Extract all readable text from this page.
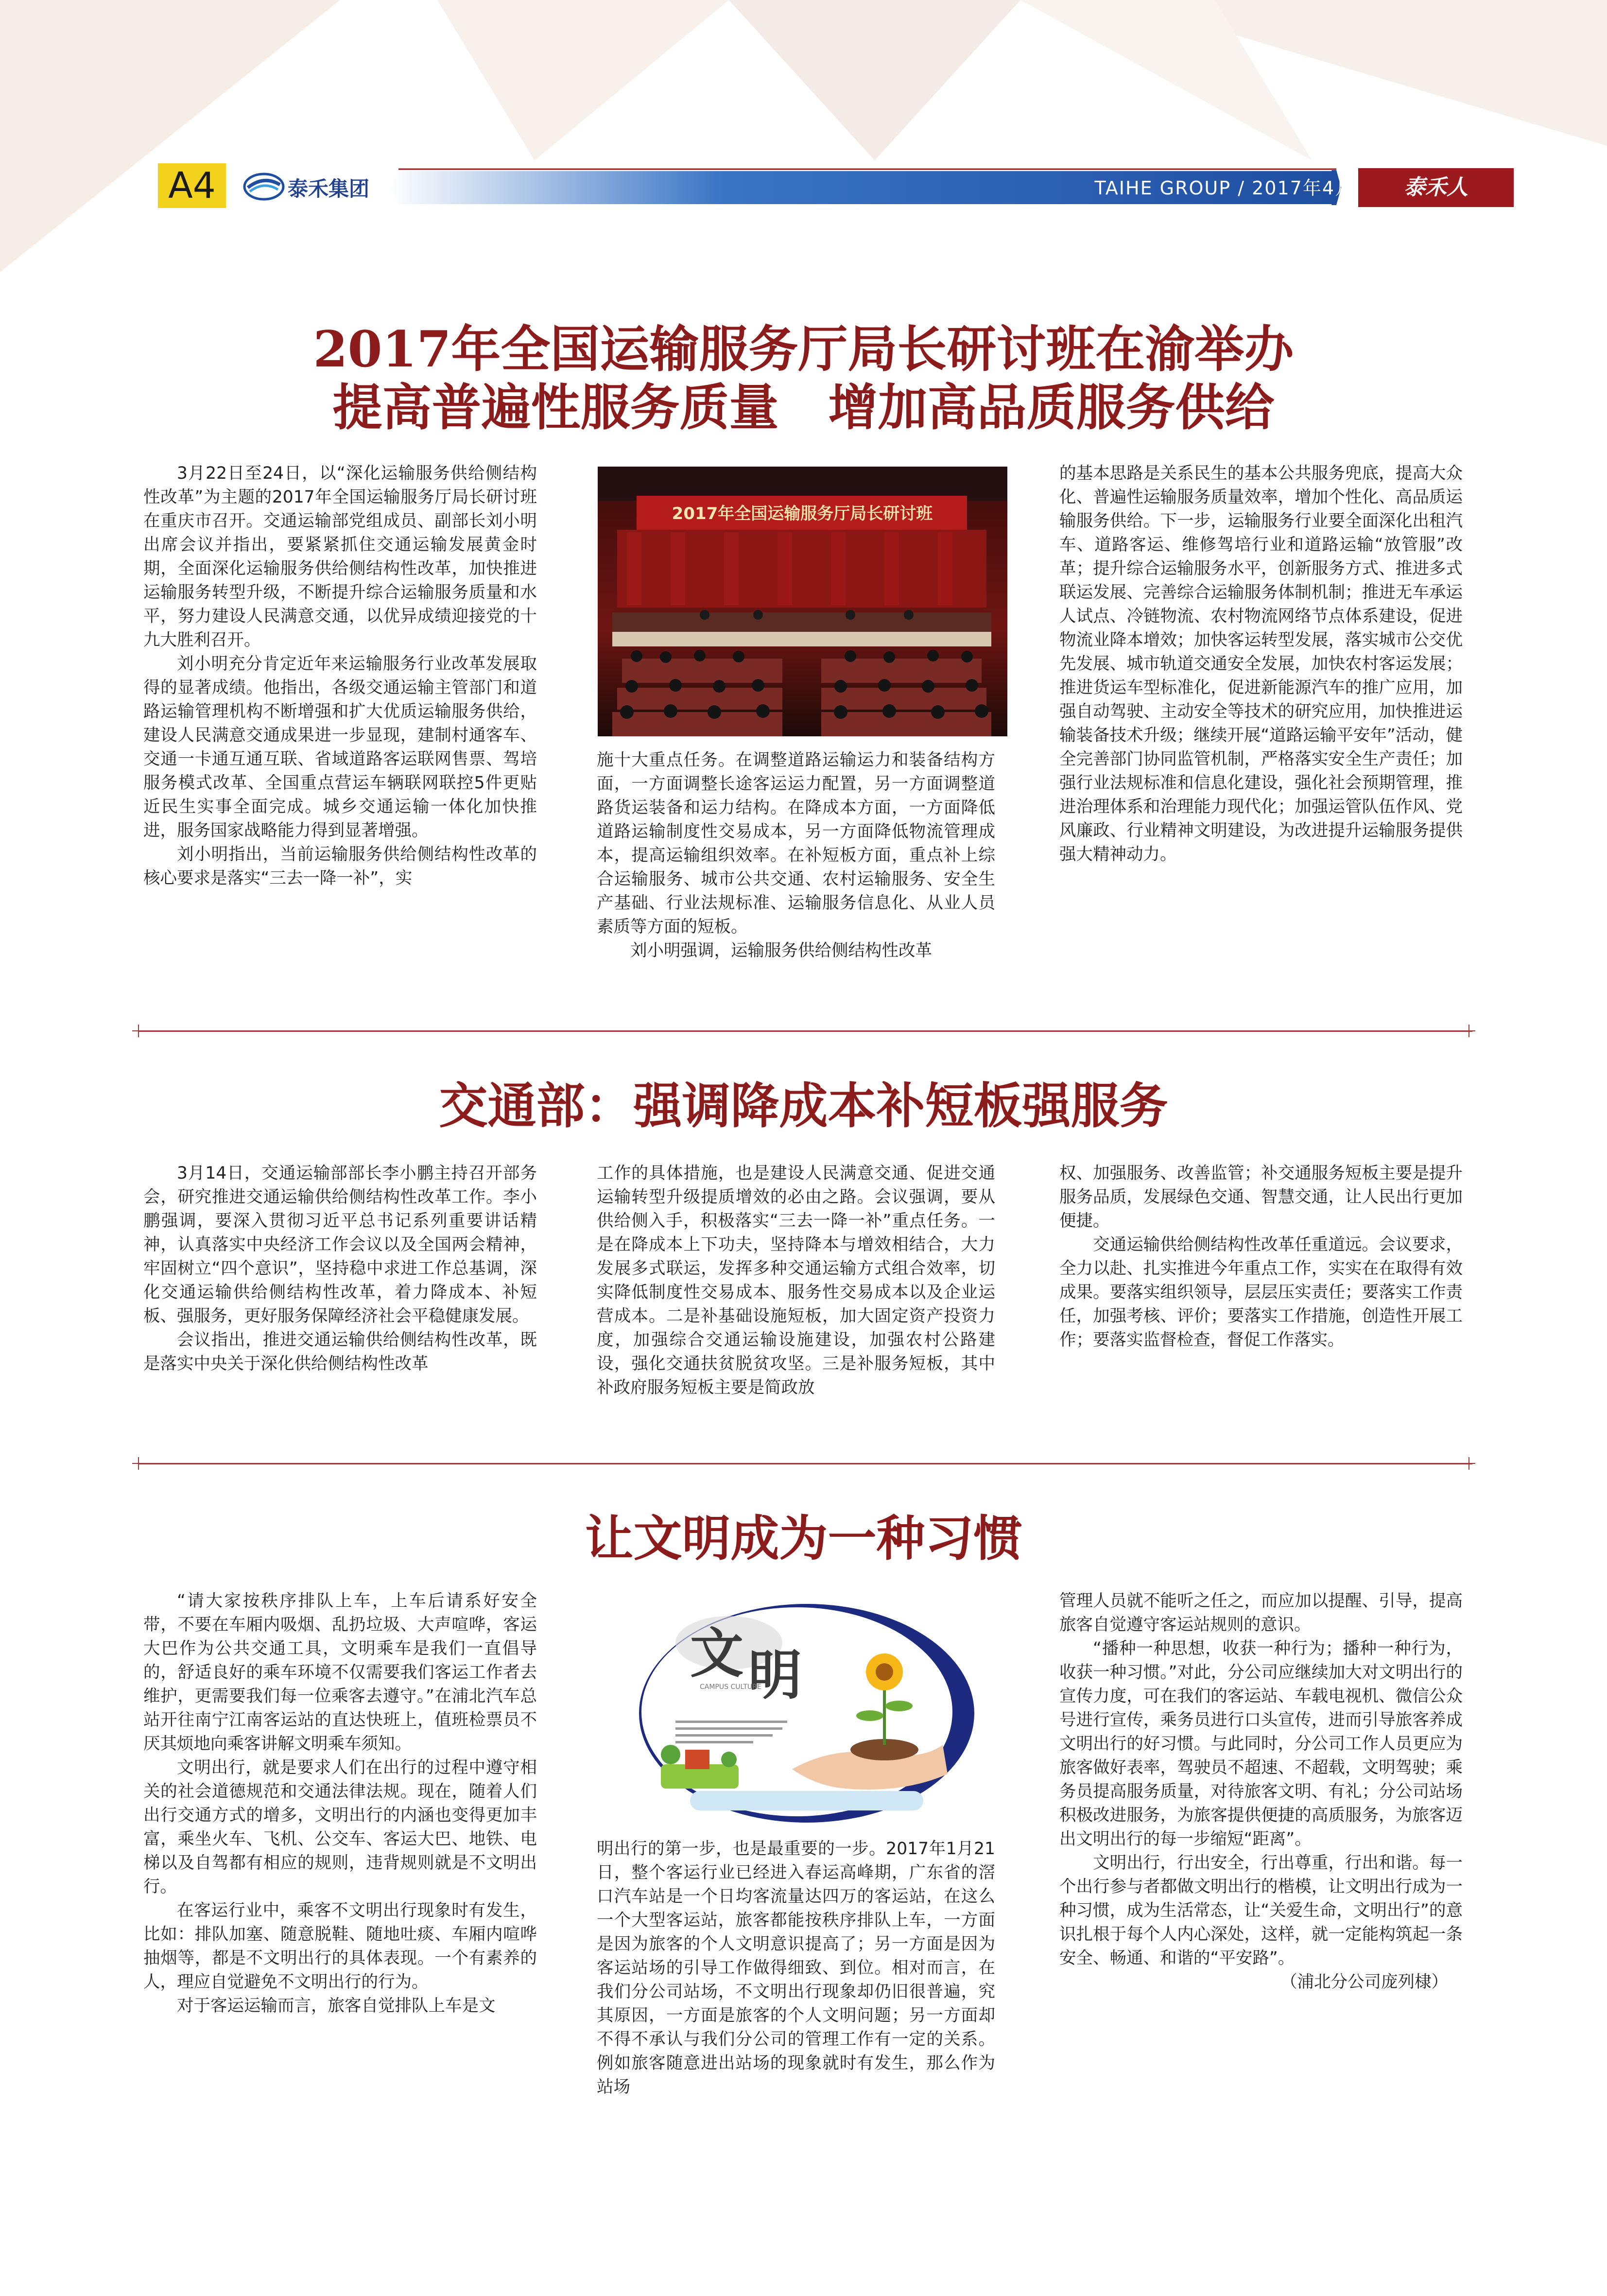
A4	泰禾集团	TAIHE GROUP / 2017年4月	泰禾人
2017年全国运输服务厅局长研讨班在渝举办
提高普遍性服务质量　增加高品质服务供给

3月22日至24日，以“深化运输服务供给侧结构性改革”为主题的2017年全国运输服务厅局长研讨班在重庆市召开。交通运输部党组成员、副部长刘小明出席会议并指出，要紧紧抓住交通运输发展黄金时期，全面深化运输服务供给侧结构性改革，加快推进运输服务转型升级，不断提升综合运输服务质量和水平，努力建设人民满意交通，以优异成绩迎接党的十九大胜利召开。

刘小明充分肯定近年来运输服务行业改革发展取得的显著成绩。他指出，各级交通运输主管部门和道路运输管理机构不断增强和扩大优质运输服务供给，建设人民满意交通成果进一步显现，建制村通客车、交通一卡通互通互联、省域道路客运联网售票、驾培服务模式改革、全国重点营运车辆联网联控5件更贴近民生实事全面完成。城乡交通运输一体化加快推进，服务国家战略能力得到显著增强。

刘小明指出，当前运输服务供给侧结构性改革的核心要求是落实“三去一降一补”，实

2017年全国运输服务厅局长研讨班

施十大重点任务。在调整道路运输运力和装备结构方面，一方面调整长途客运运力配置，另一方面调整道路货运装备和运力结构。在降成本方面，一方面降低道路运输制度性交易成本，另一方面降低物流管理成本，提高运输组织效率。在补短板方面，重点补上综合运输服务、城市公共交通、农村运输服务、安全生产基础、行业法规标准、运输服务信息化、从业人员素质等方面的短板。

刘小明强调，运输服务供给侧结构性改革

的基本思路是关系民生的基本公共服务兜底，提高大众化、普遍性运输服务质量效率，增加个性化、高品质运输服务供给。下一步，运输服务行业要全面深化出租汽车、道路客运、维修驾培行业和道路运输“放管服”改革；提升综合运输服务水平，创新服务方式、推进多式联运发展、完善综合运输服务体制机制；推进无车承运人试点、冷链物流、农村物流网络节点体系建设，促进物流业降本增效；加快客运转型发展，落实城市公交优先发展、城市轨道交通安全发展，加快农村客运发展；推进货运车型标准化，促进新能源汽车的推广应用，加强自动驾驶、主动安全等技术的研究应用，加快推进运输装备技术升级；继续开展“道路运输平安年”活动，健全完善部门协同监管机制，严格落实安全生产责任；加强行业法规标准和信息化建设，强化社会预期管理，推进治理体系和治理能力现代化；加强运管队伍作风、党风廉政、行业精神文明建设，为改进提升运输服务提供强大精神动力。

交通部：强调降成本补短板强服务

3月14日，交通运输部部长李小鹏主持召开部务会，研究推进交通运输供给侧结构性改革工作。李小鹏强调，要深入贯彻习近平总书记系列重要讲话精神，认真落实中央经济工作会议以及全国两会精神，牢固树立“四个意识”，坚持稳中求进工作总基调，深化交通运输供给侧结构性改革，着力降成本、补短板、强服务，更好服务保障经济社会平稳健康发展。

会议指出，推进交通运输供给侧结构性改革，既是落实中央关于深化供给侧结构性改革

工作的具体措施，也是建设人民满意交通、促进交通运输转型升级提质增效的必由之路。会议强调，要从供给侧入手，积极落实“三去一降一补”重点任务。一是在降成本上下功夫，坚持降本与增效相结合，大力发展多式联运，发挥多种交通运输方式组合效率，切实降低制度性交易成本、服务性交易成本以及企业运营成本。二是补基础设施短板，加大固定资产投资力度，加强综合交通运输设施建设，加强农村公路建设，强化交通扶贫脱贫攻坚。三是补服务短板，其中补政府服务短板主要是简政放

权、加强服务、改善监管；补交通服务短板主要是提升服务品质，发展绿色交通、智慧交通，让人民出行更加便捷。

交通运输供给侧结构性改革任重道远。会议要求，全力以赴、扎实推进今年重点工作，实实在在取得有效成果。要落实组织领导，层层压实责任；要落实工作责任，加强考核、评价；要落实工作措施，创造性开展工作；要落实监督检查，督促工作落实。

让文明成为一种习惯

“请大家按秩序排队上车，上车后请系好安全带，不要在车厢内吸烟、乱扔垃圾、大声喧哗，客运大巴作为公共交通工具，文明乘车是我们一直倡导的，舒适良好的乘车环境不仅需要我们客运工作者去维护，更需要我们每一位乘客去遵守。”在浦北汽车总站开往南宁江南客运站的直达快班上，值班检票员不厌其烦地向乘客讲解文明乘车须知。

文明出行，就是要求人们在出行的过程中遵守相关的社会道德规范和交通法律法规。现在，随着人们出行交通方式的增多，文明出行的内涵也变得更加丰富，乘坐火车、飞机、公交车、客运大巴、地铁、电梯以及自驾都有相应的规则，违背规则就是不文明出行。

在客运行业中，乘客不文明出行现象时有发生，比如：排队加塞、随意脱鞋、随地吐痰、车厢内喧哗抽烟等，都是不文明出行的具体表现。一个有素养的人，理应自觉避免不文明出行的行为。

对于客运运输而言，旅客自觉排队上车是文

文 明
CAMPUS CULTURE

明出行的第一步，也是最重要的一步。2017年1月21日，整个客运行业已经进入春运高峰期，广东省的滘口汽车站是一个日均客流量达四万的客运站，在这么一个大型客运站，旅客都能按秩序排队上车，一方面是因为旅客的个人文明意识提高了；另一方面是因为客运站场的引导工作做得细致、到位。相对而言，在我们分公司站场，不文明出行现象却仍旧很普遍，究其原因，一方面是旅客的个人文明问题；另一方面却不得不承认与我们分公司的管理工作有一定的关系。例如旅客随意进出站场的现象就时有发生，那么作为站场

管理人员就不能听之任之，而应加以提醒、引导，提高旅客自觉遵守客运站规则的意识。

“播种一种思想，收获一种行为；播种一种行为，收获一种习惯。”对此，分公司应继续加大对文明出行的宣传力度，可在我们的客运站、车载电视机、微信公众号进行宣传，乘务员进行口头宣传，进而引导旅客养成文明出行的好习惯。与此同时，分公司工作人员更应为旅客做好表率，驾驶员不超速、不超载，文明驾驶；乘务员提高服务质量，对待旅客文明、有礼；分公司站场积极改进服务，为旅客提供便捷的高质服务，为旅客迈出文明出行的每一步缩短“距离”。

文明出行，行出安全，行出尊重，行出和谐。每一个出行参与者都做文明出行的楷模，让文明出行成为一种习惯，成为生活常态，让“关爱生命，文明出行”的意识扎根于每个人内心深处，这样，就一定能构筑起一条安全、畅通、和谐的“平安路”。

（浦北分公司庞列棣）
